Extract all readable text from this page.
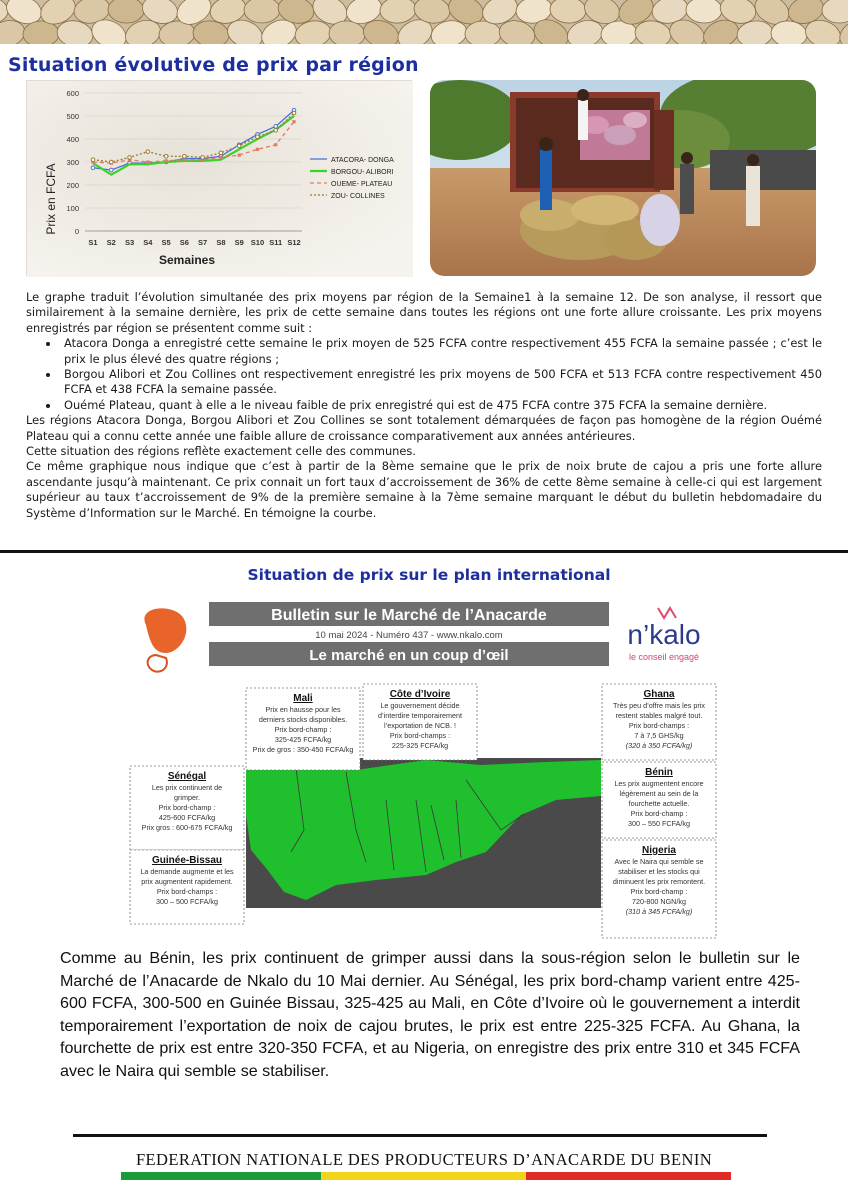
Situation évolutive de prix par région
0
100
200
300
400
500
600
S1 S2 S3 S4 S5 S6 S7 S8 S9 S10 S11 S12
ATACORA- DONGA
BORGOU- ALIBORI
OUEME- PLATEAU
ZOU- COLLINES
Prix en FCFA
Semaines

Le graphe traduit l’évolution simultanée des prix moyens par région de la Semaine1 à la semaine 12. De son analyse, il ressort que similairement à la semaine dernière, les prix de cette semaine dans toutes les régions ont une forte allure croissante. Les prix moyens enregistrés par région se présentent comme suit :

• Atacora Donga a enregistré cette semaine le prix moyen de 525 FCFA contre respectivement 455 FCFA la semaine passée ; c’est le prix le plus élevé des quatre régions ;
• Borgou Alibori et Zou Collines ont respectivement enregistré les prix moyens de 500 FCFA et 513 FCFA contre respectivement 450 FCFA et 438 FCFA la semaine passée.
• Ouémé Plateau, quant à elle a le niveau faible de prix enregistré qui est de 475 FCFA contre 375 FCFA la semaine dernière.

Les régions Atacora Donga, Borgou Alibori et Zou Collines se sont totalement démarquées de façon pas homogène de la région Ouémé Plateau qui a connu cette année une faible allure de croissance comparativement aux années antérieures.

Cette situation des régions reflète exactement celle des communes.

Ce même graphique nous indique que c’est à partir de la 8ème semaine que le prix de noix brute de cajou a pris une forte allure ascendante jusqu’à maintenant. Ce prix connait un fort taux d’accroissement de 36% de cette 8ème semaine à celle-ci qui est largement supérieur au taux t’accroissement de 9% de la première semaine à la 7ème semaine marquant le début du bulletin hebdomadaire du Système d’Information sur le Marché. En témoigne la courbe.

Situation de prix sur le plan international
Bulletin sur le Marché de l’Anacarde
10 mai 2024 - Numéro 437 - www.nkalo.com
Le marché en un coup d’œil
n’kalo
le conseil engagé
Mali
Prix en hausse pour les
derniers stocks disponibles.
Prix bord-champ :
325-425 FCFA/kg
Prix de gros : 350-450 FCFA/kg
Côte d’Ivoire
Le gouvernement décide
d’interdire temporairement
l’exportation de NCB. !
Prix bord-champs :
225-325 FCFA/kg
Ghana
Très peu d’offre mais les prix
restent stables malgré tout.
Prix bord-champs :
7 à 7,5 GHS/kg
(320 à 350 FCFA/kg)
Sénégal
Les prix continuent de
grimper.
Prix bord-champ :
425-600 FCFA/kg
Prix gros : 600-675 FCFA/kg
Bénin
Les prix augmentent encore
légèrement au sein de la
fourchette actuelle.
Prix bord-champ :
300 – 550 FCFA/kg
Guinée-Bissau
La demande augmente et les
prix augmentent rapidement.
Prix bord-champs :
300 – 500 FCFA/kg
Nigeria
Avec le Naira qui semble se
stabiliser et les stocks qui
diminuent les prix remontent.
Prix bord-champ :
720-800 NGN/kg
(310 à 345 FCFA/kg)
Comme au Bénin, les prix continuent de grimper aussi dans la sous-région selon le bulletin sur le Marché de l’Anacarde de Nkalo du 10 Mai dernier. Au Sénégal, les prix bord-champ varient entre 425-600 FCFA, 300-500 en Guinée Bissau, 325-425 au Mali, en Côte d’Ivoire où le gouvernement a interdit temporairement l’exportation de noix de cajou brutes, le prix est entre 225-325 FCFA. Au Ghana, la fourchette de prix est entre 320-350 FCFA, et au Nigeria, on enregistre des prix entre 310 et 345 FCFA avec le Naira qui semble se stabiliser.
FEDERATION NATIONALE DES PRODUCTEURS D’ANACARDE DU BENIN
